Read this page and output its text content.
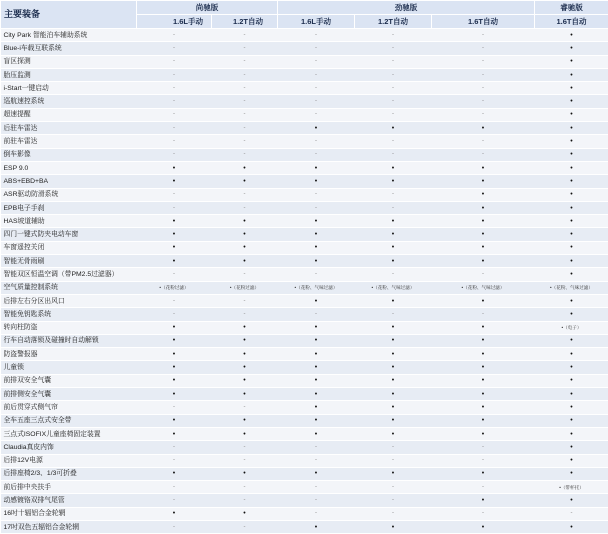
主要装备	尚驰版		劲驰版			睿驰版
	1.6L手动	1.2T自动	1.6L手动	1.2T自动	1.6T自动	1.6T自动
City Park 智能泊车辅助系统	-	-	-	-	-	•
Blue-i车载互联系统	-	-	-	-	-	•
盲区探测	-	-	-	-	-	•
胎压监测	-	-	-	-	-	•
i-Start一键启动	-	-	-	-	-	•
巡航速控系统	-	-	-	-	-	•
超速提醒	-	-	-	-	-	•
后驻车雷达	-	-	•	•	•	•
前驻车雷达	-	-	-	-	-	•
倒车影像	-	-	-	-	-	•
ESP 9.0	•	•	•	•	•	•
ABS+EBD+BA	•	•	•	•	•	•
ASR驱动防滑系统	-	-	-	-	•	•
EPB电子手刹	-	-	-	-	•	•
HAS坡道辅助	•	•	•	•	•	•
四门一键式防夹电动车窗	•	•	•	•	•	•
车窗遥控关闭	•	•	•	•	•	•
智能无骨雨刷	•	•	•	•	•	•
智能双区恒温空调（带PM2.5过滤器）	-	-	-	-	-	•
空气质量控制系统	•（花粉过滤）	•（花粉过滤）	•（花粉、气味过滤）	•（花粉、气味过滤）	•（花粉、气味过滤）	•（花粉、气味过滤）
后排左右分区出风口	-	-	•	•	•	•
智能免钥匙系统	-	-	-	-	-	•
转向柱防盗	•	•	•	•	•	•（电子）
行车自动落锁及碰撞时自动解锁	•	•	•	•	•	•
防盗警报器	•	•	•	•	•	•
儿童锁	•	•	•	•	•	•
前排双安全气囊	•	•	•	•	•	•
前排侧安全气囊	•	•	•	•	•	•
前后贯穿式侧气帘	-	-	•	•	•	•
全车五座三点式安全带	•	•	•	•	•	•
三点式ISOFIX儿童座椅固定装置	•	•	•	•	•	•
Claudia真皮内饰	-	-	-	-	-	•
后排12V电源	-	-	-	-	-	•
后排座椅2/3、1/3可折叠	•	•	•	•	•	•
前后排中央扶手	-	-	-	-	-	•（带杯托）
动感镀铬双排气尾管	-	-	-	-	•	•
16吋十辐铝合金轮辋	•	•	-	-	-	-
17吋双色五辐铝合金轮辋	-	-	•	•	•	•
